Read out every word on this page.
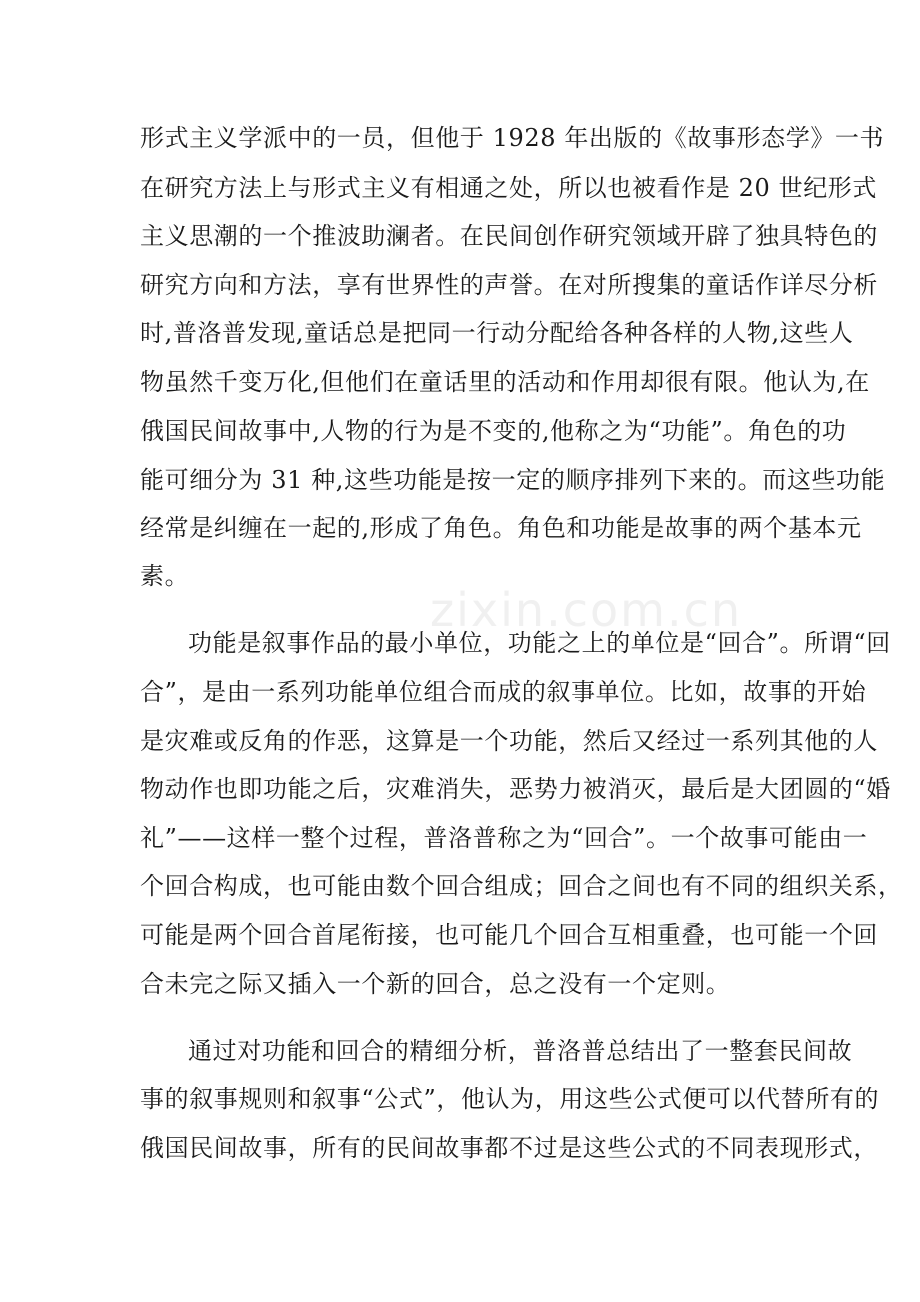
形式主义学派中的一员，但他于 1928 年出版的《故事形态学》一书
在研究方法上与形式主义有相通之处，所以也被看作是 20 世纪形式
主义思潮的一个推波助澜者。在民间创作研究领域开辟了独具特色的
研究方向和方法，享有世界性的声誉。在对所搜集的童话作详尽分析
时,普洛普发现,童话总是把同一行动分配给各种各样的人物,这些人
物虽然千变万化,但他们在童话里的活动和作用却很有限。他认为,在
俄国民间故事中,人物的行为是不变的,他称之为“功能”。角色的功
能可细分为 31 种,这些功能是按一定的顺序排列下来的。而这些功能
经常是纠缠在一起的,形成了角色。角色和功能是故事的两个基本元
素。
zixin.com.cn
功能是叙事作品的最小单位，功能之上的单位是“回合”。所谓“回
合”，是由一系列功能单位组合而成的叙事单位。比如，故事的开始
是灾难或反角的作恶，这算是一个功能，然后又经过一系列其他的人
物动作也即功能之后，灾难消失，恶势力被消灭，最后是大团圆的“婚
礼”——这样一整个过程，普洛普称之为“回合”。一个故事可能由一
个回合构成，也可能由数个回合组成；回合之间也有不同的组织关系，
可能是两个回合首尾衔接，也可能几个回合互相重叠，也可能一个回
合未完之际又插入一个新的回合，总之没有一个定则。
通过对功能和回合的精细分析，普洛普总结出了一整套民间故
事的叙事规则和叙事“公式”，他认为，用这些公式便可以代替所有的
俄国民间故事，所有的民间故事都不过是这些公式的不同表现形式，
